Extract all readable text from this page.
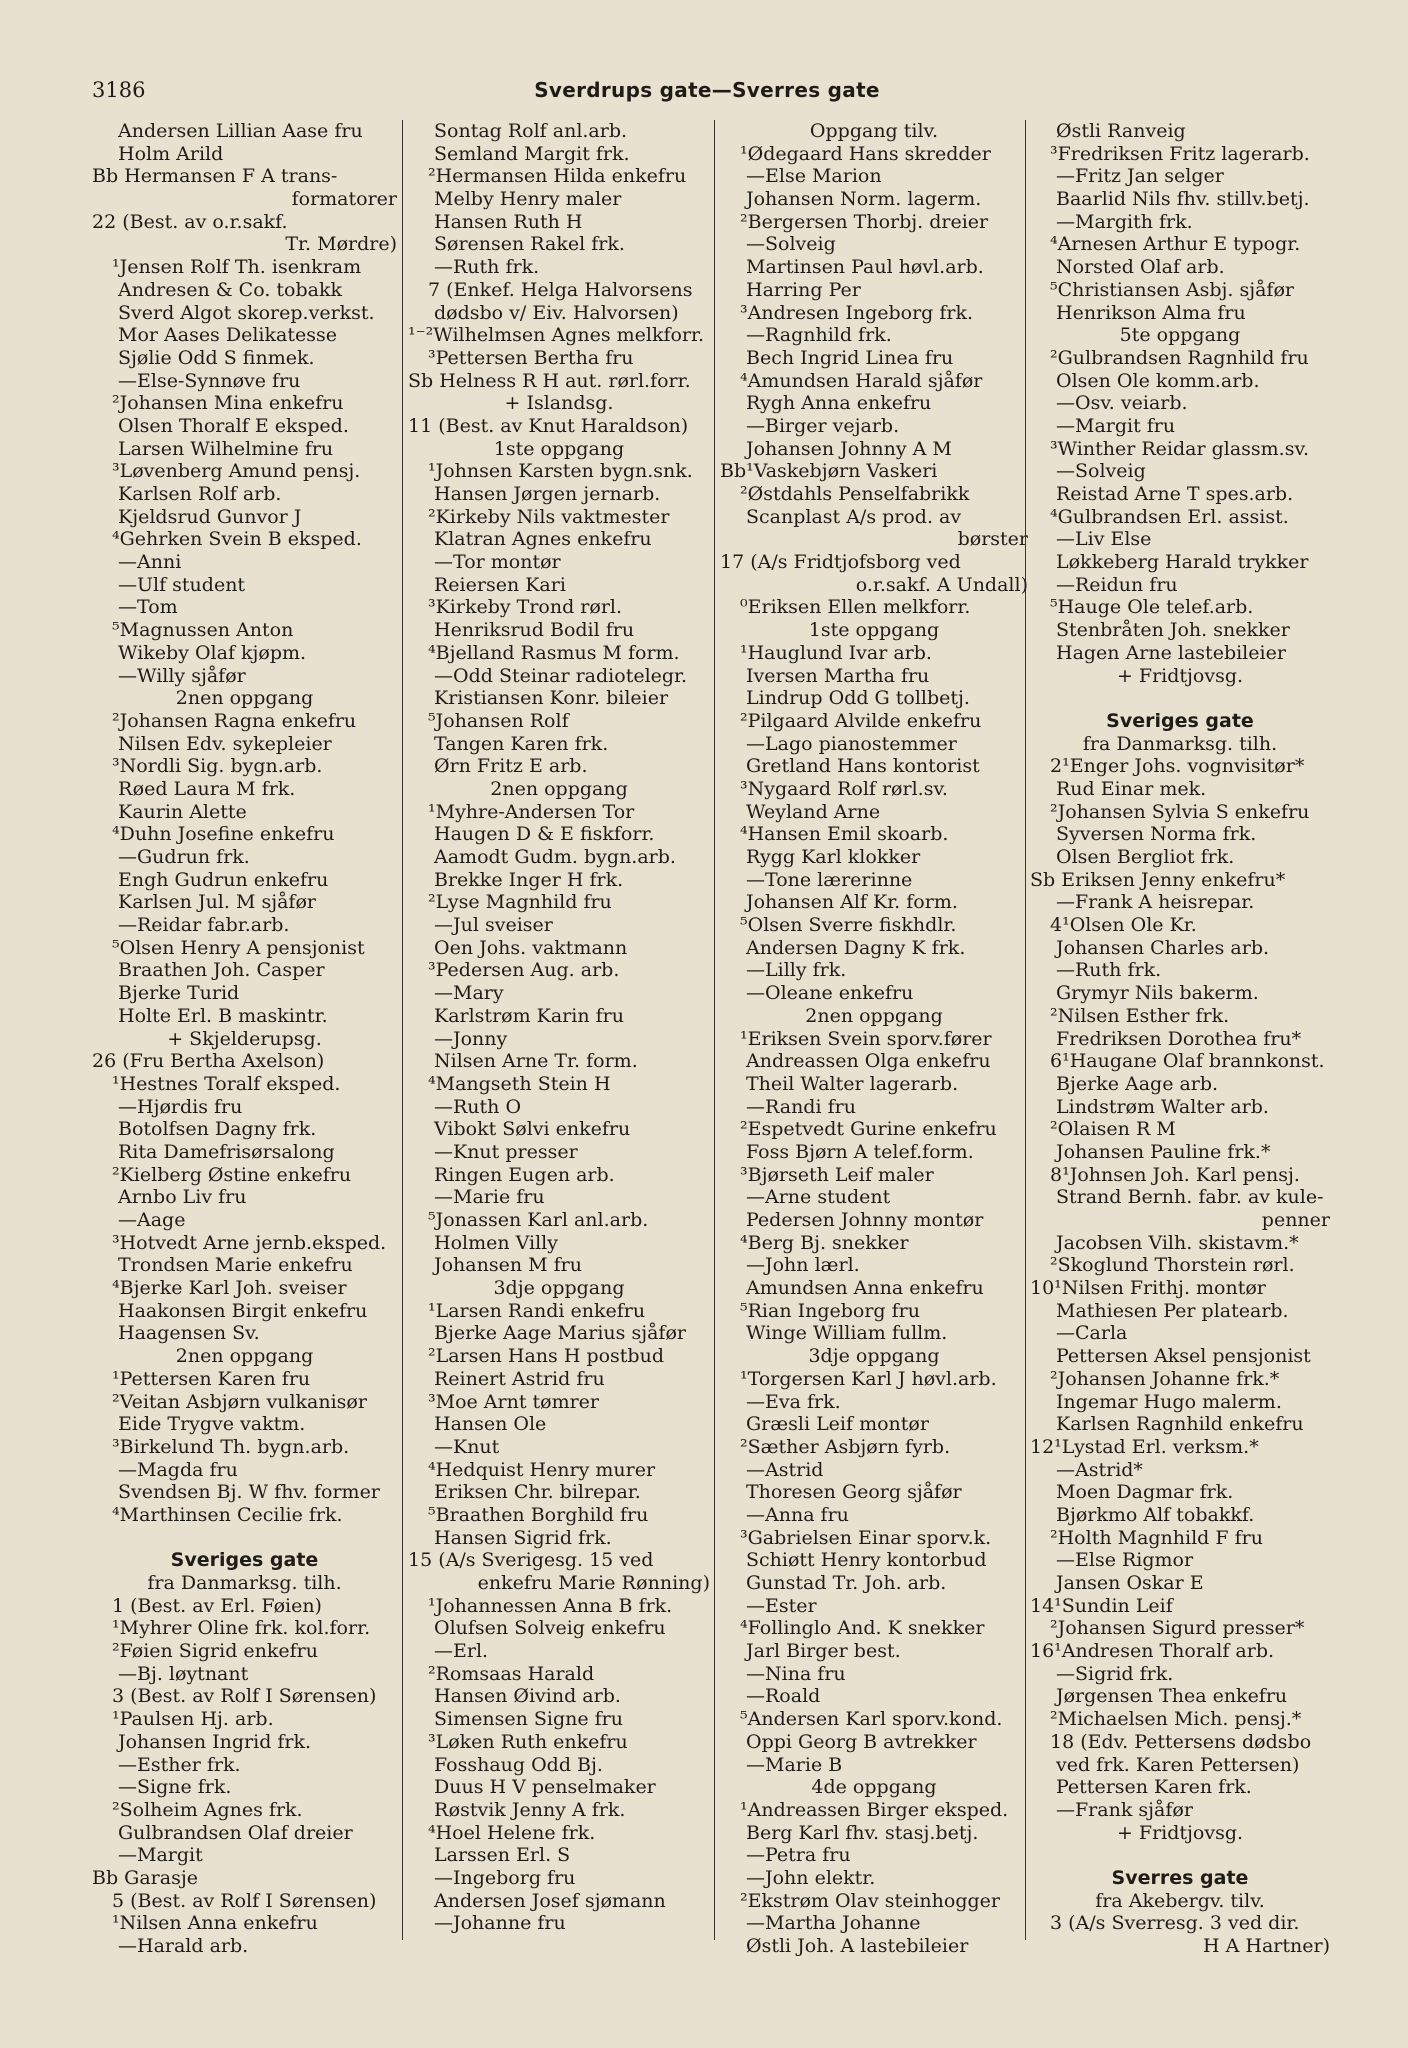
3186	Sverdrups gate—Sverres gate
Andersen Lillian Aase fru
Holm Arild
Bb Hermansen F A trans-
formatorer
22 (Best. av o.r.sakf.
Tr. Mørdre)
¹Jensen Rolf Th. isenkram
Andresen & Co. tobakk
Sverd Algot skorep.verkst.
Mor Aases Delikatesse
Sjølie Odd S finmek.
—Else-Synnøve fru
²Johansen Mina enkefru
Olsen Thoralf E eksped.
Larsen Wilhelmine fru
³Løvenberg Amund pensj.
Karlsen Rolf arb.
Kjeldsrud Gunvor J
⁴Gehrken Svein B eksped.
—Anni
—Ulf student
—Tom
⁵Magnussen Anton
Wikeby Olaf kjøpm.
—Willy sjåfør
2nen oppgang
²Johansen Ragna enkefru
Nilsen Edv. sykepleier
³Nordli Sig. bygn.arb.
Røed Laura M frk.
Kaurin Alette
⁴Duhn Josefine enkefru
—Gudrun frk.
Engh Gudrun enkefru
Karlsen Jul. M sjåfør
—Reidar fabr.arb.
⁵Olsen Henry A pensjonist
Braathen Joh. Casper
Bjerke Turid
Holte Erl. B maskintr.
+ Skjelderupsg.
26 (Fru Bertha Axelson)
¹Hestnes Toralf eksped.
—Hjørdis fru
Botolfsen Dagny frk.
Rita Damefrisørsalong
²Kielberg Østine enkefru
Arnbo Liv fru
—Aage
³Hotvedt Arne jernb.eksped.
Trondsen Marie enkefru
⁴Bjerke Karl Joh. sveiser
Haakonsen Birgit enkefru
Haagensen Sv.
2nen oppgang
¹Pettersen Karen fru
²Veitan Asbjørn vulkanisør
Eide Trygve vaktm.
³Birkelund Th. bygn.arb.
—Magda fru
Svendsen Bj. W fhv. former
⁴Marthinsen Cecilie frk.
Sveriges gate
fra Danmarksg. tilh.
1 (Best. av Erl. Føien)
¹Myhrer Oline frk. kol.forr.
²Føien Sigrid enkefru
—Bj. løytnant
3 (Best. av Rolf I Sørensen)
¹Paulsen Hj. arb.
Johansen Ingrid frk.
—Esther frk.
—Signe frk.
²Solheim Agnes frk.
Gulbrandsen Olaf dreier
—Margit
Bb Garasje
5 (Best. av Rolf I Sørensen)
¹Nilsen Anna enkefru
—Harald arb.
Sontag Rolf anl.arb.
Semland Margit frk.
²Hermansen Hilda enkefru
Melby Henry maler
Hansen Ruth H
Sørensen Rakel frk.
—Ruth frk.
7 (Enkef. Helga Halvorsens
dødsbo v/ Eiv. Halvorsen)
¹⁻²Wilhelmsen Agnes melkforr.
³Pettersen Bertha fru
Sb Helness R H aut. rørl.forr.
+ Islandsg.
11 (Best. av Knut Haraldson)
1ste oppgang
¹Johnsen Karsten bygn.snk.
Hansen Jørgen jernarb.
²Kirkeby Nils vaktmester
Klatran Agnes enkefru
—Tor montør
Reiersen Kari
³Kirkeby Trond rørl.
Henriksrud Bodil fru
⁴Bjelland Rasmus M form.
—Odd Steinar radiotelegr.
Kristiansen Konr. bileier
⁵Johansen Rolf
Tangen Karen frk.
Ørn Fritz E arb.
2nen oppgang
¹Myhre-Andersen Tor
Haugen D & E fiskforr.
Aamodt Gudm. bygn.arb.
Brekke Inger H frk.
²Lyse Magnhild fru
—Jul sveiser
Oen Johs. vaktmann
³Pedersen Aug. arb.
—Mary
Karlstrøm Karin fru
—Jonny
Nilsen Arne Tr. form.
⁴Mangseth Stein H
—Ruth O
Vibokt Sølvi enkefru
—Knut presser
Ringen Eugen arb.
—Marie fru
⁵Jonassen Karl anl.arb.
Holmen Villy
Johansen M fru
3dje oppgang
¹Larsen Randi enkefru
Bjerke Aage Marius sjåfør
²Larsen Hans H postbud
Reinert Astrid fru
³Moe Arnt tømrer
Hansen Ole
—Knut
⁴Hedquist Henry murer
Eriksen Chr. bilrepar.
⁵Braathen Borghild fru
Hansen Sigrid frk.
15 (A/s Sverigesg. 15 ved
enkefru Marie Rønning)
¹Johannessen Anna B frk.
Olufsen Solveig enkefru
—Erl.
²Romsaas Harald
Hansen Øivind arb.
Simensen Signe fru
³Løken Ruth enkefru
Fosshaug Odd Bj.
Duus H V penselmaker
Røstvik Jenny A frk.
⁴Hoel Helene frk.
Larssen Erl. S
—Ingeborg fru
Andersen Josef sjømann
—Johanne fru
Oppgang tilv.
¹Ødegaard Hans skredder
—Else Marion
Johansen Norm. lagerm.
²Bergersen Thorbj. dreier
—Solveig
Martinsen Paul høvl.arb.
Harring Per
³Andresen Ingeborg frk.
—Ragnhild frk.
Bech Ingrid Linea fru
⁴Amundsen Harald sjåfør
Rygh Anna enkefru
—Birger vejarb.
Johansen Johnny A M
Bb¹Vaskebjørn Vaskeri
²Østdahls Penselfabrikk
Scanplast A/s prod. av
børster
17 (A/s Fridtjofsborg ved
o.r.sakf. A Undall)
⁰Eriksen Ellen melkforr.
1ste oppgang
¹Hauglund Ivar arb.
Iversen Martha fru
Lindrup Odd G tollbetj.
²Pilgaard Alvilde enkefru
—Lago pianostemmer
Gretland Hans kontorist
³Nygaard Rolf rørl.sv.
Weyland Arne
⁴Hansen Emil skoarb.
Rygg Karl klokker
—Tone lærerinne
Johansen Alf Kr. form.
⁵Olsen Sverre fiskhdlr.
Andersen Dagny K frk.
—Lilly frk.
—Oleane enkefru
2nen oppgang
¹Eriksen Svein sporv.fører
Andreassen Olga enkefru
Theil Walter lagerarb.
—Randi fru
²Espetvedt Gurine enkefru
Foss Bjørn A telef.form.
³Bjørseth Leif maler
—Arne student
Pedersen Johnny montør
⁴Berg Bj. snekker
—John lærl.
Amundsen Anna enkefru
⁵Rian Ingeborg fru
Winge William fullm.
3dje oppgang
¹Torgersen Karl J høvl.arb.
—Eva frk.
Græsli Leif montør
²Sæther Asbjørn fyrb.
—Astrid
Thoresen Georg sjåfør
—Anna fru
³Gabrielsen Einar sporv.k.
Schiøtt Henry kontorbud
Gunstad Tr. Joh. arb.
—Ester
⁴Follinglo And. K snekker
Jarl Birger best.
—Nina fru
—Roald
⁵Andersen Karl sporv.kond.
Oppi Georg B avtrekker
—Marie B
4de oppgang
¹Andreassen Birger eksped.
Berg Karl fhv. stasj.betj.
—Petra fru
—John elektr.
²Ekstrøm Olav steinhogger
—Martha Johanne
Østli Joh. A lastebileier
Østli Ranveig
³Fredriksen Fritz lagerarb.
—Fritz Jan selger
Baarlid Nils fhv. stillv.betj.
—Margith frk.
⁴Arnesen Arthur E typogr.
Norsted Olaf arb.
⁵Christiansen Asbj. sjåfør
Henrikson Alma fru
5te oppgang
²Gulbrandsen Ragnhild fru
Olsen Ole komm.arb.
—Osv. veiarb.
—Margit fru
³Winther Reidar glassm.sv.
—Solveig
Reistad Arne T spes.arb.
⁴Gulbrandsen Erl. assist.
—Liv Else
Løkkeberg Harald trykker
—Reidun fru
⁵Hauge Ole telef.arb.
Stenbråten Joh. snekker
Hagen Arne lastebileier
+ Fridtjovsg.
Sveriges gate
fra Danmarksg. tilh.
2¹Enger Johs. vognvisitør*
Rud Einar mek.
²Johansen Sylvia S enkefru
Syversen Norma frk.
Olsen Bergliot frk.
Sb Eriksen Jenny enkefru*
—Frank A heisrepar.
4¹Olsen Ole Kr.
Johansen Charles arb.
—Ruth frk.
Grymyr Nils bakerm.
²Nilsen Esther frk.
Fredriksen Dorothea fru*
6¹Haugane Olaf brannkonst.
Bjerke Aage arb.
Lindstrøm Walter arb.
²Olaisen R M
Johansen Pauline frk.*
8¹Johnsen Joh. Karl pensj.
Strand Bernh. fabr. av kule-
penner
Jacobsen Vilh. skistavm.*
²Skoglund Thorstein rørl.
10¹Nilsen Frithj. montør
Mathiesen Per platearb.
—Carla
Pettersen Aksel pensjonist
²Johansen Johanne frk.*
Ingemar Hugo malerm.
Karlsen Ragnhild enkefru
12¹Lystad Erl. verksm.*
—Astrid*
Moen Dagmar frk.
Bjørkmo Alf tobakkf.
²Holth Magnhild F fru
—Else Rigmor
Jansen Oskar E
14¹Sundin Leif
²Johansen Sigurd presser*
16¹Andresen Thoralf arb.
—Sigrid frk.
Jørgensen Thea enkefru
²Michaelsen Mich. pensj.*
18 (Edv. Pettersens dødsbo
ved frk. Karen Pettersen)
Pettersen Karen frk.
—Frank sjåfør
+ Fridtjovsg.
Sverres gate
fra Akebergv. tilv.
3 (A/s Sverresg. 3 ved dir.
H A Hartner)
